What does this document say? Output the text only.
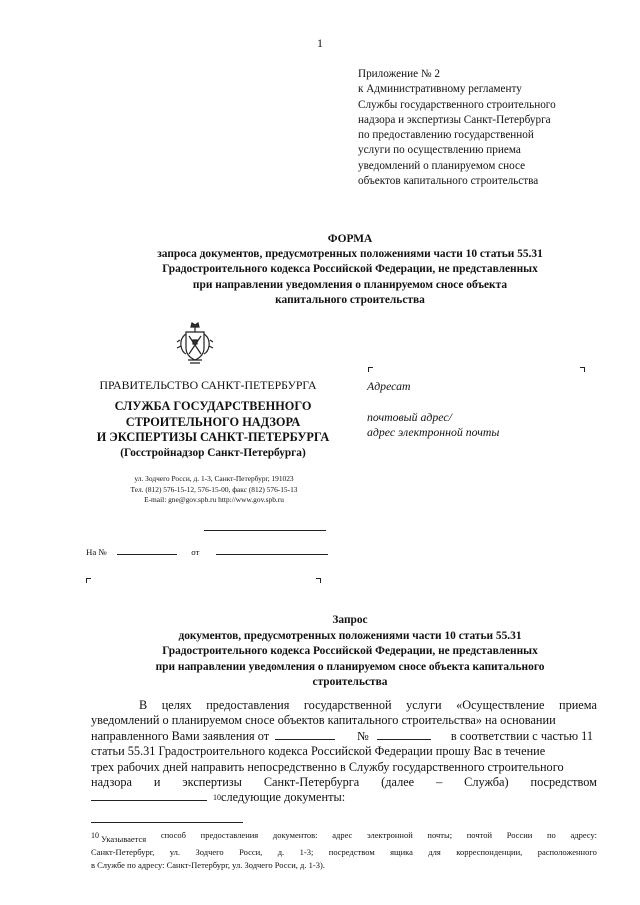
1
Приложение № 2
к Административному регламенту
Службы государственного строительного
надзора и экспертизы Санкт-Петербурга
по предоставлению государственной
услуги по осуществлению приема
уведомлений о планируемом сносе
объектов капитального строительства
ФОРМА
запроса документов, предусмотренных положениями части 10 статьи 55.31
Градостроительного кодекса Российской Федерации, не представленных
при направлении уведомления о планируемом сносе объекта
капитального строительства
ПРАВИТЕЛЬСТВО САНКТ-ПЕТЕРБУРГА
СЛУЖБА ГОСУДАРСТВЕННОГО
СТРОИТЕЛЬНОГО НАДЗОРА
И ЭКСПЕРТИЗЫ САНКТ-ПЕТЕРБУРГА
(Госстройнадзор Санкт-Петербурга)
ул. Зодчего Росси, д. 1-3, Санкт-Петербург, 191023
Тел. (812) 576-15-12, 576-15-00, факс (812) 576-15-13
E-mail: gne@gov.spb.ru http://www.gov.spb.ru
На №	от
Адресат
почтовый адрес/
адрес электронной почты
Запрос
документов, предусмотренных положениями части 10 статьи 55.31
Градостроительного кодекса Российской Федерации, не представленных
при направлении уведомления о планируемом сносе объекта капитального
строительства
В целях предоставления государственной услуги «Осуществление приема
уведомлений о планируемом сносе объектов капитального строительства» на основании
направленного Вами заявления от	№	в соответствии с частью 11
статьи 55.31 Градостроительного кодекса Российской Федерации прошу Вас в течение
трех рабочих дней направить непосредственно в Службу государственного строительного
надзора и экспертизы Санкт-Петербурга (далее – Служба) посредством
10 следующие документы:
$^{10}$ Указывается способ предоставления документов: адрес электронной почты; почтой России по адресу:
Санкт-Петербург, ул. Зодчего Росси, д. 1-3; посредством ящика для корреспонденции, расположенного
в Службе по адресу: Санкт-Петербург, ул. Зодчего Росси, д. 1-3).
